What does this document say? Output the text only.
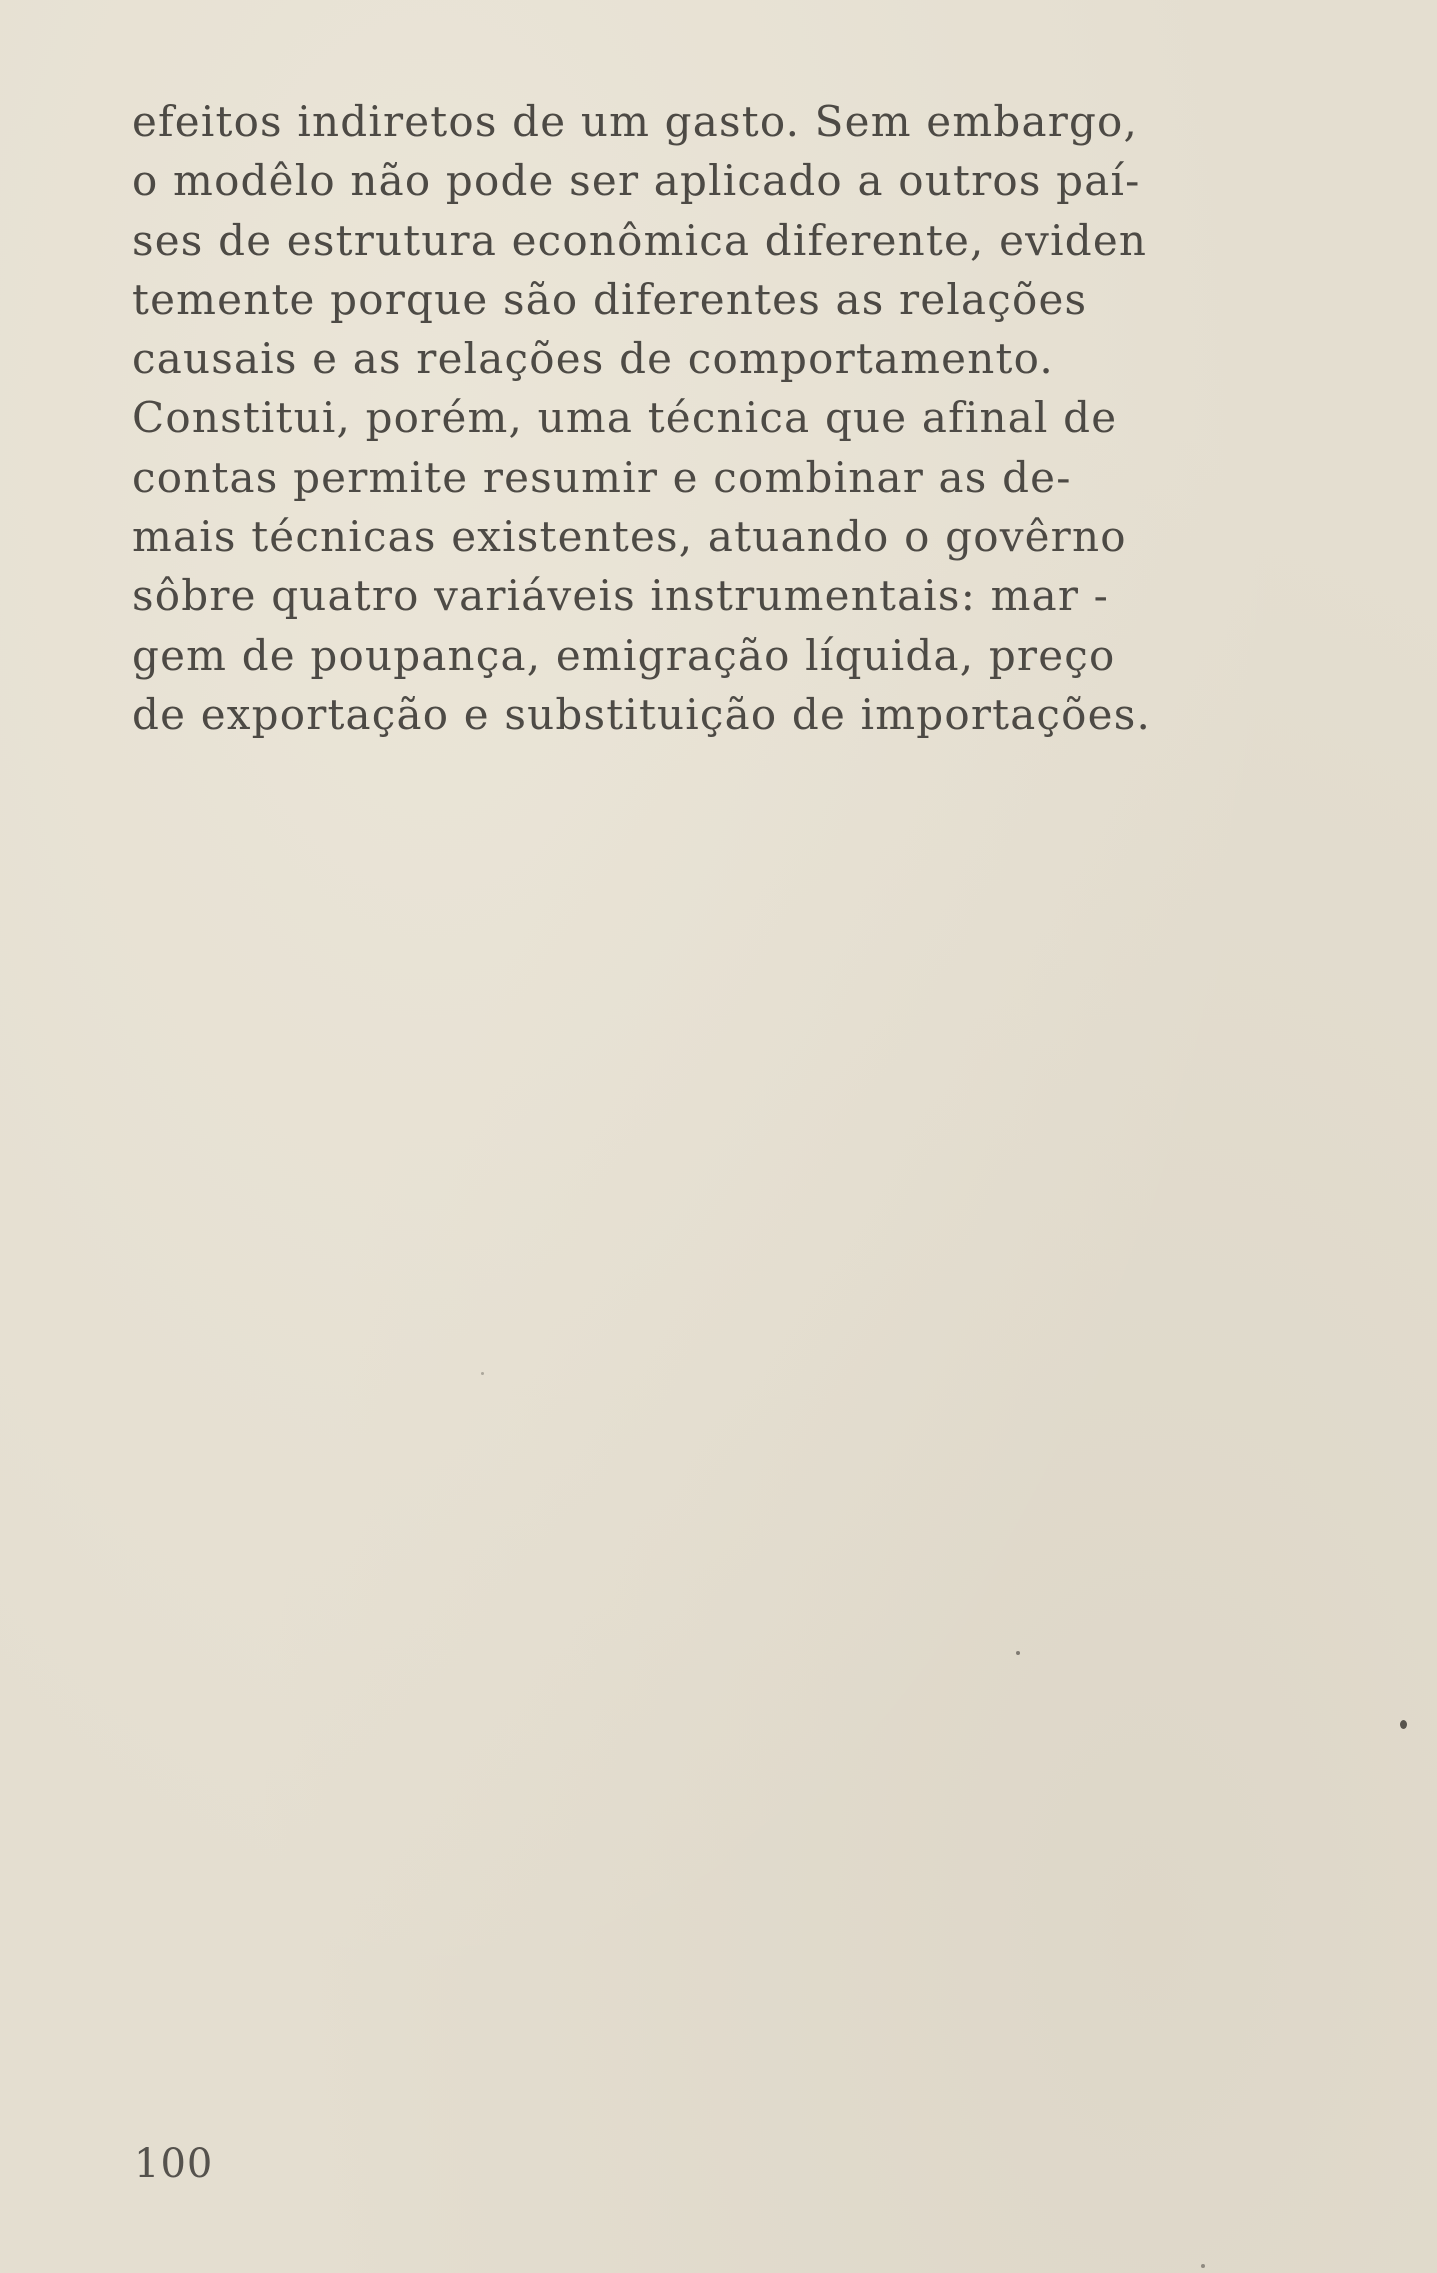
efeitos indiretos de um gasto. Sem embargo,
o modêlo não pode ser aplicado a outros paí-
ses de estrutura econômica diferente, eviden
temente porque são diferentes as relações
causais e as relações de comportamento.
Constitui, porém, uma técnica que afinal de
contas permite resumir e combinar as de-
mais técnicas existentes, atuando o govêrno
sôbre quatro variáveis instrumentais: mar -
gem de poupança, emigração líquida, preço
de exportação e substituição de importações.

100
